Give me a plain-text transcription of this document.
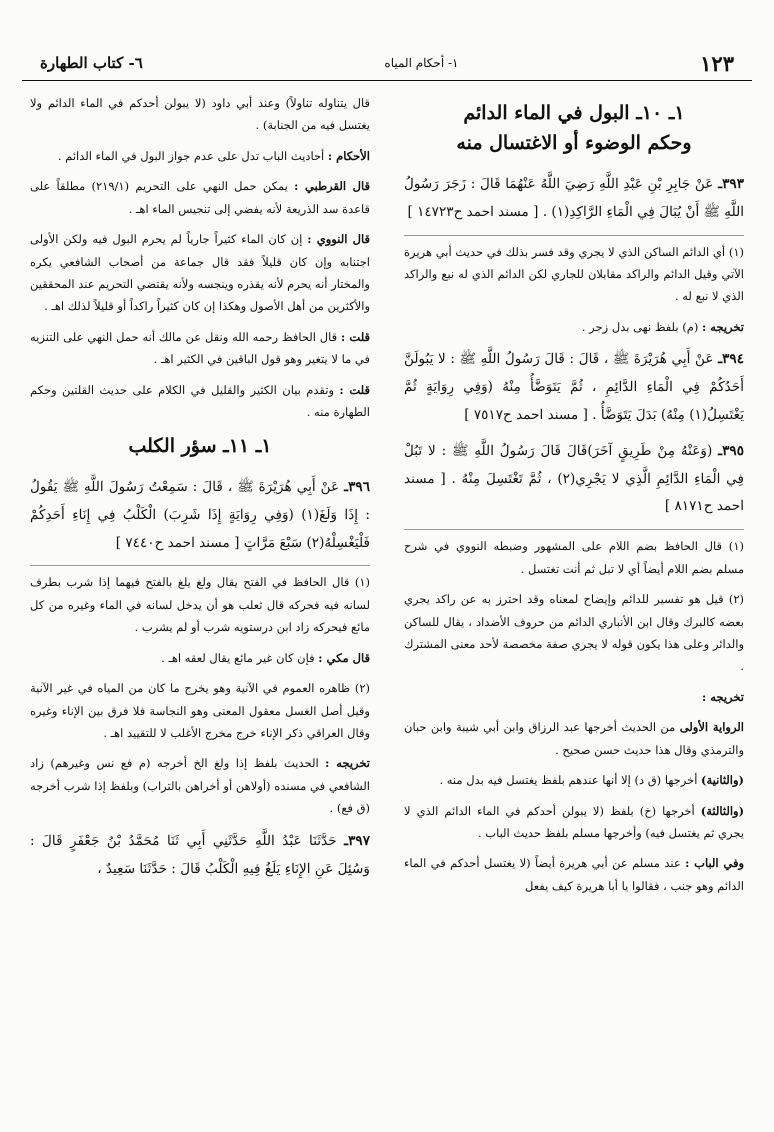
١٢٣
١- أحكام المياه
٦- كتاب الطهارة
١ـ ١٠ـ البول في الماء الدائم
وحكم الوضوء أو الاغتسال منه

٣٩٣ـ عَنْ جَابِرِ بْنِ عَبْدِ اللَّهِ رَضِيَ اللَّهُ عَنْهُمَا قَالَ : زَجَرَ رَسُولُ اللَّهِ ﷺ أَنْ يُبَالَ فِي الْمَاءِ الرَّاكِدِ(١) . [ مسند احمد ح١٤٧٢٣ ]

(١) أي الدائم الساكن الذي لا يجري وقد فسر بذلك في حديث أبي هريرة الآتي وقيل الدائم والراكد مقابلان للجاري لكن الدائم الذي له نبع والراكد الذي لا نبع له .

تخريجه : (م) بلفظ نهى بدل زجر .

٣٩٤ـ عَنْ أَبِي هُرَيْرَةَ ﷺ ، قَالَ : قَالَ رَسُولُ اللَّهِ ﷺ : لا يَبُولَنَّ أَحَدُكُمْ فِي الْمَاءِ الدَّائِمِ ، ثُمَّ يَتَوَضَّأُ مِنْهُ (وَفِي رِوَايَةٍ ثُمَّ يَغْتَسِلُ(١) مِنْهُ) بَدَلَ يَتَوَضَّأُ . [ مسند احمد ح٧٥١٧ ]

٣٩٥ـ (وَعَنْهُ مِنْ طَرِيقٍ آخَرَ)قَالَ قَالَ رَسُولُ اللَّهِ ﷺ : لا تَبُلْ فِي الْمَاءِ الدَّائِمِ الَّذِي لا يَجْرِي(٢) ، ثُمَّ تَغْتَسِلَ مِنْهُ . [ مسند احمد ح٨١٧١ ]

(١) قال الحافظ بضم اللام على المشهور وضبطه النووي في شرح مسلم بضم اللام أيضاً أي لا تبل ثم أنت تغتسل .

(٢) قيل هو تفسير للدائم وإيضاح لمعناه وقد احترز به عن راكد يجري بعضه كالبرك وقال ابن الأنباري الدائم من حروف الأضداد ، يقال للساكن والدائر وعلى هذا يكون قوله لا يجري صفة مخصصة لأحد معنى المشترك .

تخريجه :

الرواية الأولى من الحديث أخرجها عبد الرزاق وابن أبي شيبة وابن حبان والترمذي وقال هذا حديث حسن صحيح .

(والثانية) أخرجها (ق د) إلا أنها عندهم بلفظ يغتسل فيه بدل منه .

(والثالثة) أخرجها (خ) بلفظ (لا يبولن أحدكم في الماء الدائم الذي لا يجري ثم يغتسل فيه) وأخرجها مسلم بلفظ حديث الباب .

وفي الباب : عند مسلم عن أبي هريرة أيضاً (لا يغتسل أحدكم في الماء الدائم وهو جنب ، فقالوا يا أبا هريرة كيف يفعل

قال يتناوله تناولاً) وعند أبي داود (لا يبولن أحدكم في الماء الدائم ولا يغتسل فيه من الجنابة) .

الأحكام : أحاديث الباب تدل على عدم جواز البول في الماء الدائم .

قال القرطبي : يمكن حمل النهي على التحريم (٢١٩/١) مطلقاً على قاعدة سد الذريعة لأنه يفضي إلى تنجيس الماء اهـ .

قال النووي : إن كان الماء كثيراً جارياً لم يحرم البول فيه ولكن الأولى اجتنابه وإن كان قليلاً فقد قال جماعة من أصحاب الشافعي يكره والمختار أنه يحرم لأنه يقذره وينجسه ولأنه يقتضي التحريم عند المحققين والأكثرين من أهل الأصول وهكذا إن كان كثيراً راكداً أو قليلاً لذلك اهـ .

قلت : قال الحافظ رحمه الله ونقل عن مالك أنه حمل النهي على التنزيه في ما لا يتغير وهو قول الباقين في الكثير اهـ .

قلت : وتقدم بيان الكثير والقليل في الكلام على حديث القلتين وحكم الطهارة منه .

١ـ ١١ـ سؤر الكلب

٣٩٦ـ عَنْ أَبِي هُرَيْرَةَ ﷺ ، قَالَ : سَمِعْتُ رَسُولَ اللَّهِ ﷺ يَقُولُ : إِذَا وَلَغَ(١) (وَفِي رِوَايَةٍ إِذَا شَرِبَ) الْكَلْبُ فِي إِنَاءِ أَحَدِكُمْ فَلْيَغْسِلْهُ(٢) سَبْعَ مَرَّاتٍ [ مسند احمد ح٧٤٤٠ ]

(١) قال الحافظ في الفتح يقال ولغ يلغ بالفتح فيهما إذا شرب بطرف لسانه فيه فحركه قال ثعلب هو أن يدخل لسانه في الماء وغيره من كل مائع فيحركه زاد ابن درستويه شرب أو لم يشرب .

قال مكي : فإن كان غير مائع يقال لعقه اهـ .

(٢) ظاهره العموم في الآنية وهو يخرج ما كان من المياه في غير الآنية وقيل أصل الغسل معقول المعنى وهو النجاسة فلا فرق بين الإناء وغيره وقال العراقي ذكر الإناء خرج مخرج الأغلب لا للتقييد اهـ .

تخريجه : الحديث بلفظ إذا ولغ الخ أخرجه (م فع نس وغيرهم) زاد الشافعي في مسنده (أولاهن أو أخراهن بالتراب) وبلفظ إذا شرب أخرجه (ق فع) .

٣٩٧ـ حَدَّثَنَا عَبْدُ اللَّهِ حَدَّثَنِي أَبِي ثَنَا مُحَمَّدُ بْنُ جَعْفَرٍ قَالَ : وَسُئِلَ عَنِ الإِنَاءِ يَلَغُ فِيهِ الْكَلْبُ قَالَ : حَدَّثَنَا سَعِيدٌ ،
